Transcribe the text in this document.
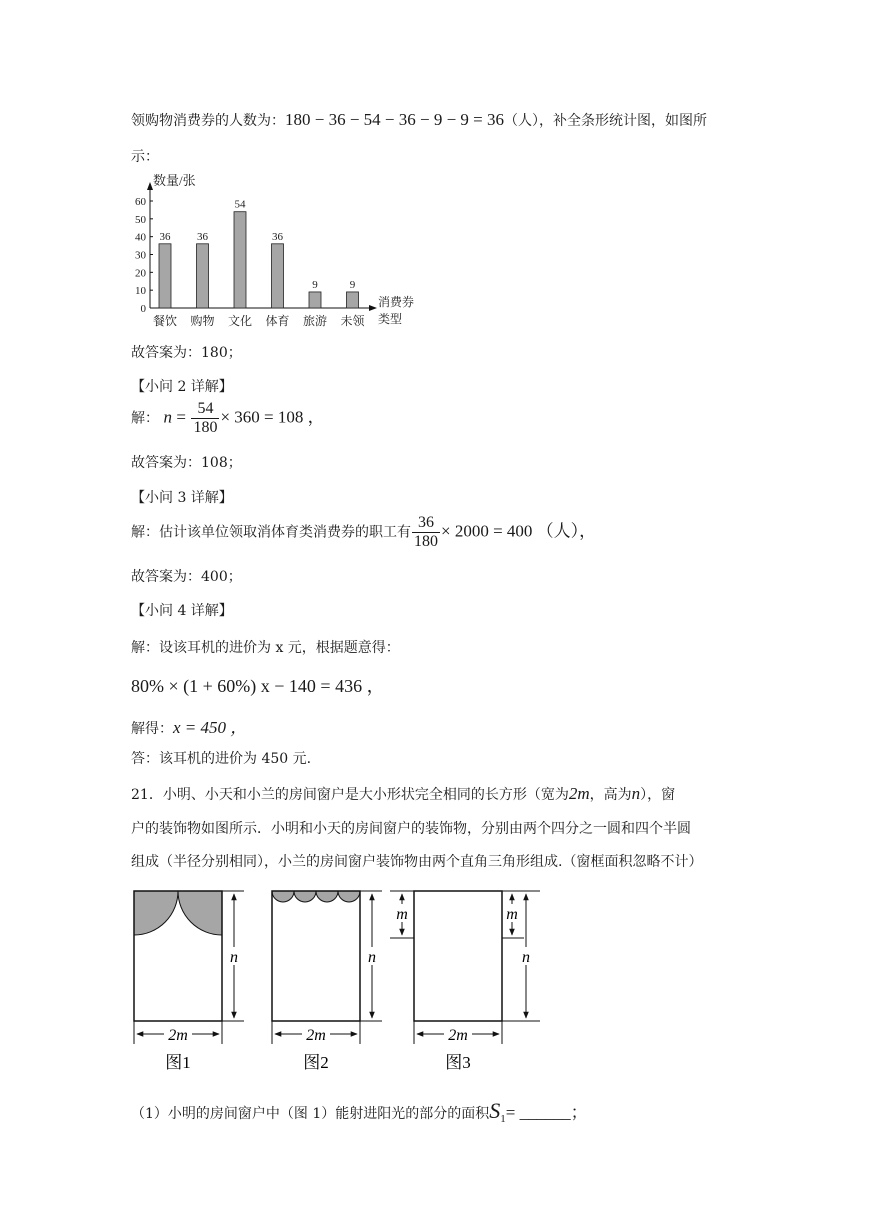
领购物消费券的人数为：180 − 36 − 54 − 36 − 9 − 9 = 36（人），补全条形统计图，如图所
示：
0
10
20
30
40
50
60
数量/张
消费券
类型
36
餐饮
36
购物
54
文化
36
体育
9
旅游
9
未领
故答案为：180；
【小问 2 详解】
解： $n = \frac{54}{180} \times 360 = 108$ ，
故答案为：108；
【小问 3 详解】
解：估计该单位领取消体育类消费券的职工有 $\frac{36}{180} \times 2000 = 400$ （人），
故答案为：400；
【小问 4 详解】
解：设该耳机的进价为 x 元，根据题意得：
80% × (1 + 60%) x − 140 = 436 ，
解得：x = 450 ，
答：该耳机的进价为 450 元.
21．小明、小天和小兰的房间窗户是大小形状完全相同的长方形（宽为2m，高为n），窗
户的装饰物如图所示．小明和小天的房间窗户的装饰物，分别由两个四分之一圆和四个半圆
组成（半径分别相同），小兰的房间窗户装饰物由两个直角三角形组成.（窗框面积忽略不计）
n
2m
图1
n
2m
图2
m	m
n
2m
图3
（1）小明的房间窗户中（图 1）能射进阳光的部分的面积$S_1=$ ______；
